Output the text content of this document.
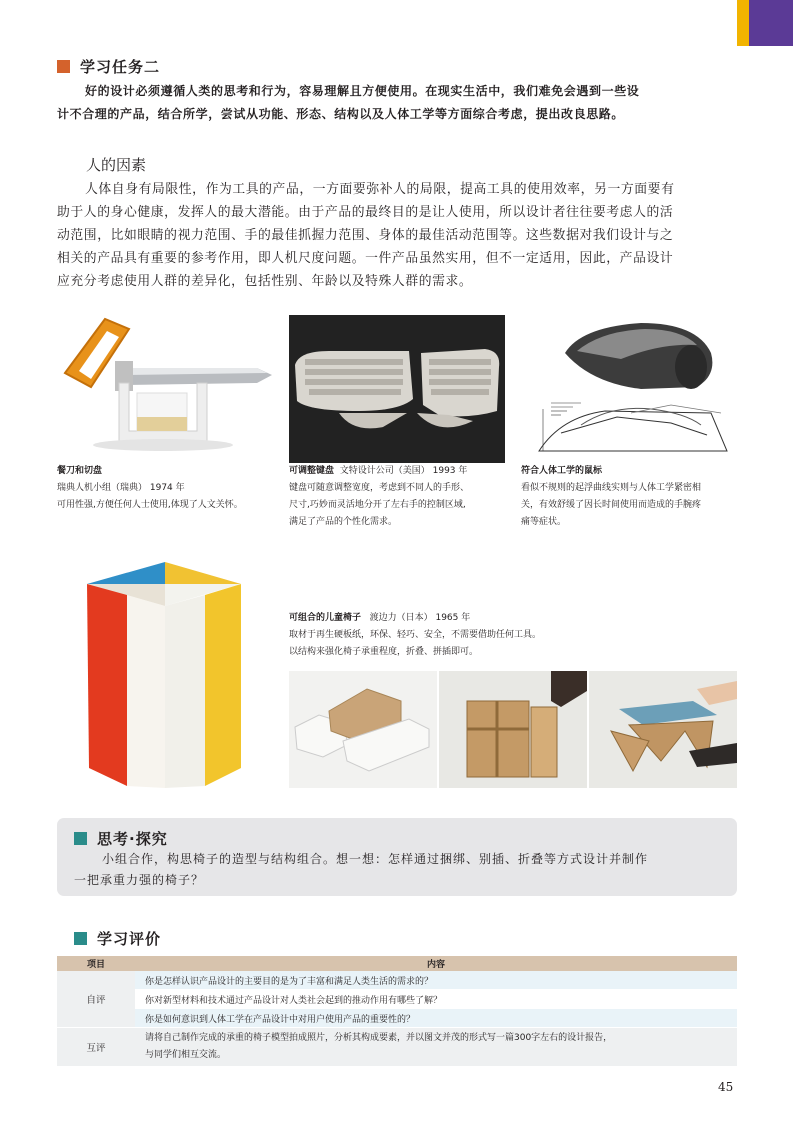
学习任务二
好的设计必须遵循人类的思考和行为，容易理解且方便使用。在现实生活中，我们难免会遇到一些设
计不合理的产品，结合所学，尝试从功能、形态、结构以及人体工学等方面综合考虑，提出改良思路。
人的因素
人体自身有局限性，作为工具的产品，一方面要弥补人的局限，提高工具的使用效率，另一方面要有
助于人的身心健康，发挥人的最大潜能。由于产品的最终目的是让人使用，所以设计者往往要考虑人的活
动范围，比如眼睛的视力范围、手的最佳抓握力范围、身体的最佳活动范围等。这些数据对我们设计与之
相关的产品具有重要的参考作用，即人机尺度问题。一件产品虽然实用，但不一定适用，因此，产品设计
应充分考虑使用人群的差异化，包括性别、年龄以及特殊人群的需求。
餐刀和切盘
瑞典人机小组（瑞典） 1974 年
可用性强,方便任何人士使用,体现了人文关怀。
可调整键盘 文特设计公司（美国） 1993 年
键盘可随意调整宽度，考虑到不同人的手形、
尺寸,巧妙而灵活地分开了左右手的控制区域,
满足了产品的个性化需求。
符合人体工学的鼠标
看似不规则的起浮曲线实则与人体工学紧密相
关，有效舒缓了因长时间使用而造成的手腕疼
痛等症状。
可组合的儿童椅子 渡边力（日本） 1965 年
取材于再生硬板纸，环保、轻巧、安全，不需要借助任何工具。
以结构来强化椅子承重程度，折叠、拼插即可。
思考·探究
小组合作，构思椅子的造型与结构组合。想一想：怎样通过捆绑、别插、折叠等方式设计并制作
一把承重力强的椅子？
学习评价
项目	内容
自评	你是怎样认识产品设计的主要目的是为了丰富和满足人类生活的需求的？
	你对新型材料和技术通过产品设计对人类社会起到的推动作用有哪些了解？
	你是如何意识到人体工学在产品设计中对用户使用产品的重要性的？
互评	请将自己制作完成的承重的椅子模型拍成照片，分析其构成要素，并以图文并茂的形式写一篇300字左右的设计报告，
与同学们相互交流。
45
